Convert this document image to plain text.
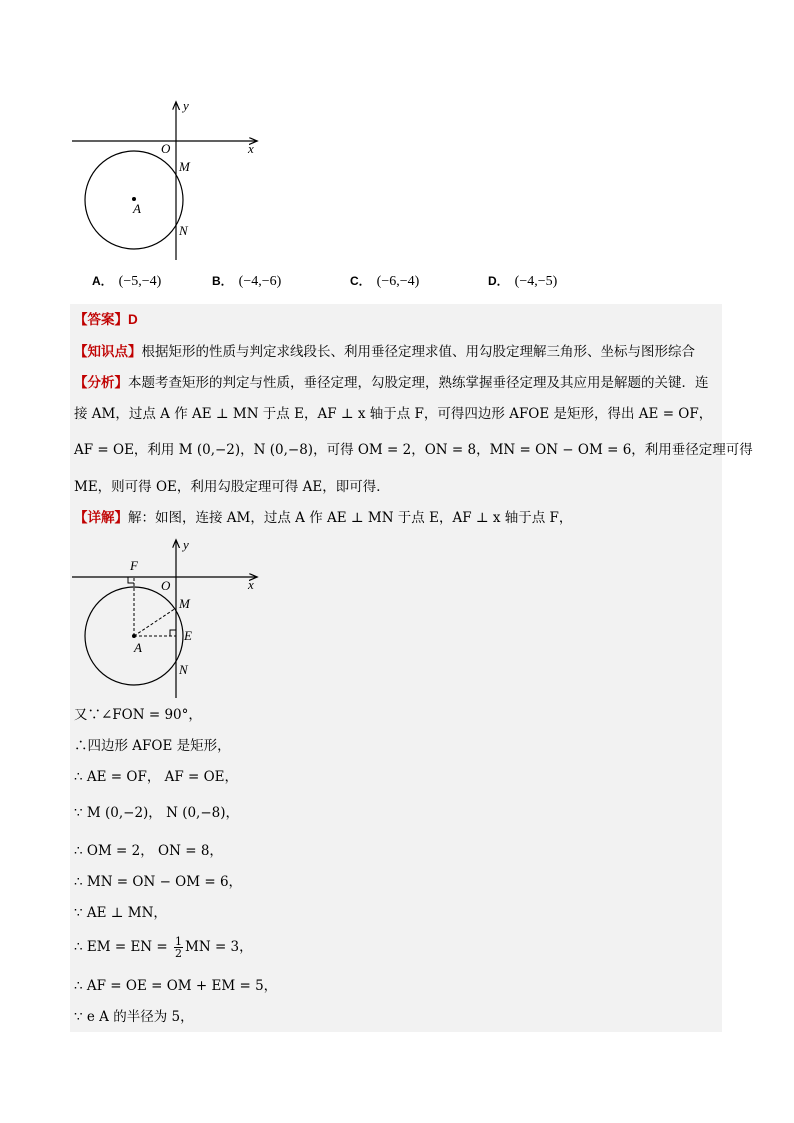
y
x
O
M
A
N
A． (−5,−4)	B． (−4,−6)	C． (−6,−4)	D． (−4,−5)
【答案】D
【知识点】根据矩形的性质与判定求线段长、利用垂径定理求值、用勾股定理解三角形、坐标与图形综合
【分析】本题考查矩形的判定与性质，垂径定理，勾股定理，熟练掌握垂径定理及其应用是解题的关键．连
接 AM，过点 A 作 AE ⊥ MN 于点 E，AF ⊥ x 轴于点 F，可得四边形 AFOE 是矩形，得出 AE = OF，
AF = OE，利用 M (0,−2)，N (0,−8)，可得 OM = 2，ON = 8，MN = ON − OM = 6，利用垂径定理可得
ME，则可得 OE，利用勾股定理可得 AE，即可得．
【详解】解：如图，连接 AM，过点 A 作 AE ⊥ MN 于点 E，AF ⊥ x 轴于点 F，
y
x
F
O
M
E
A
N
又∵∠FON = 90°，
∴四边形 AFOE 是矩形，
∴ AE = OF， AF = OE，
∵ M (0,−2)， N (0,−8)，
∴ OM = 2， ON = 8，
∴ MN = ON − OM = 6，
∵ AE ⊥ MN，
∴ EM = EN = $\frac{1}{2}$ MN = 3，
∴ AF = OE = OM + EM = 5，
∵ e A 的半径为 5，
